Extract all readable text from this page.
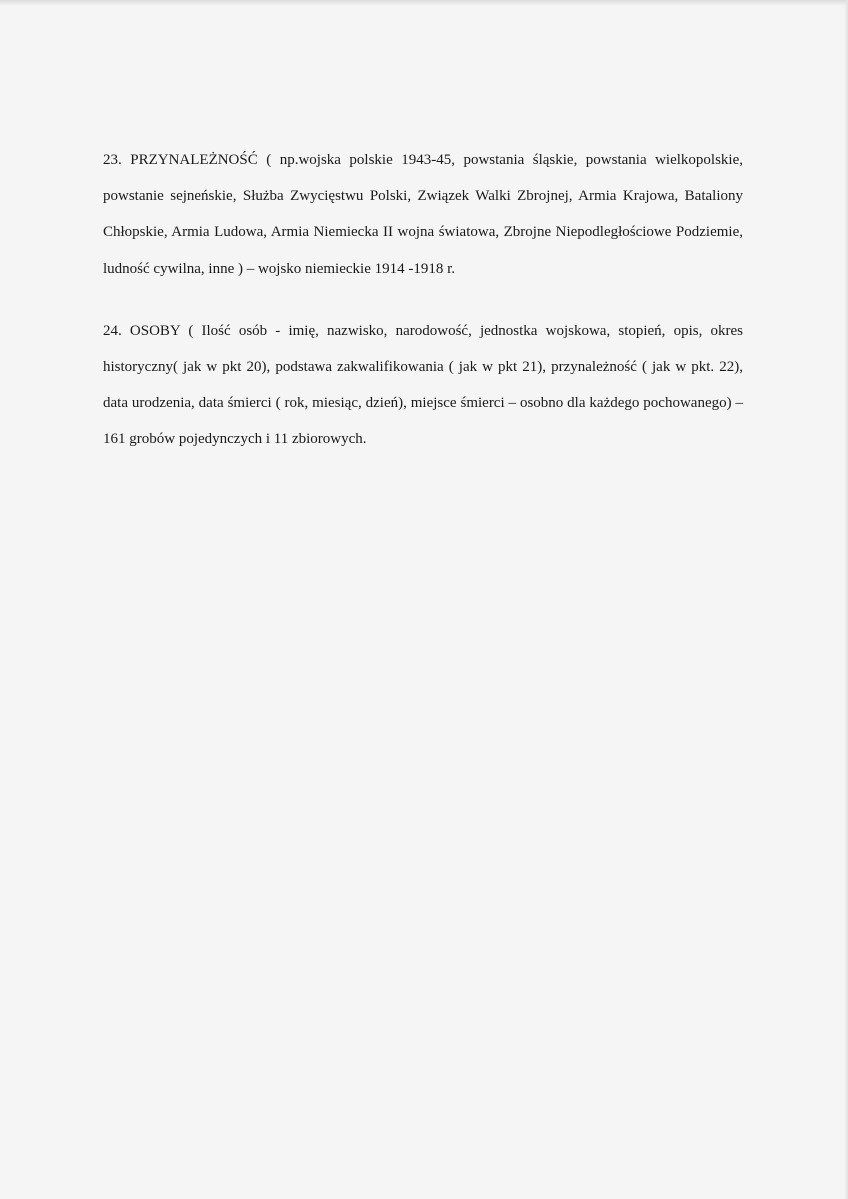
23. PRZYNALEŻNOŚĆ ( np.wojska polskie 1943-45, powstania śląskie, powstania wielkopolskie, powstanie sejneńskie, Służba Zwycięstwu Polski, Związek Walki Zbrojnej, Armia Krajowa, Bataliony Chłopskie, Armia Ludowa, Armia Niemiecka II wojna światowa, Zbrojne Niepodległościowe Podziemie, ludność cywilna, inne ) – wojsko niemieckie 1914 -1918 r.

24. OSOBY ( Ilość osób - imię, nazwisko, narodowość, jednostka wojskowa, stopień, opis, okres historyczny( jak w pkt 20), podstawa zakwalifikowania ( jak w pkt 21), przynależność ( jak w pkt. 22), data urodzenia, data śmierci ( rok, miesiąc, dzień), miejsce śmierci – osobno dla każdego pochowanego) – 161 grobów pojedynczych i 11 zbiorowych.
